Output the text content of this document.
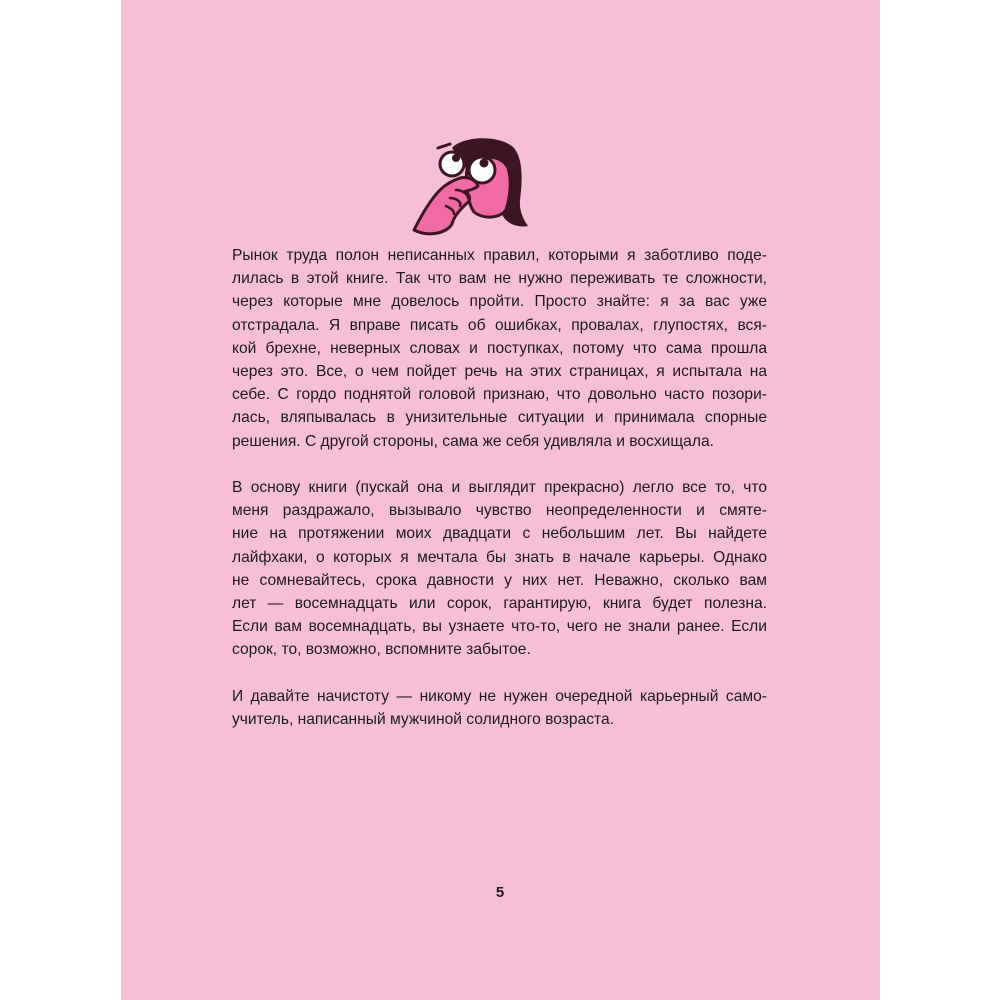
Рынок труда полон неписанных правил, которыми я заботливо поде-
лилась в этой книге. Так что вам не нужно переживать те сложности,
через которые мне довелось пройти. Просто знайте: я за вас уже
отстрадала. Я вправе писать об ошибках, провалах, глупостях, вся-
кой брехне, неверных словах и поступках, потому что сама прошла
через это. Все, о чем пойдет речь на этих страницах, я испытала на
себе. С гордо поднятой головой признаю, что довольно часто позори-
лась, вляпывалась в унизительные ситуации и принимала спорные
решения. С другой стороны, сама же себя удивляла и восхищала.

В основу книги (пускай она и выглядит прекрасно) легло все то, что
меня раздражало, вызывало чувство неопределенности и смяте-
ние на протяжении моих двадцати с небольшим лет. Вы найдете
лайфхаки, о которых я мечтала бы знать в начале карьеры. Однако
не сомневайтесь, срока давности у них нет. Неважно, сколько вам
лет — восемнадцать или сорок, гарантирую, книга будет полезна.
Если вам восемнадцать, вы узнаете что-то, чего не знали ранее. Если
сорок, то, возможно, вспомните забытое.

И давайте начистоту — никому не нужен очередной карьерный само-
учитель, написанный мужчиной солидного возраста.

5
